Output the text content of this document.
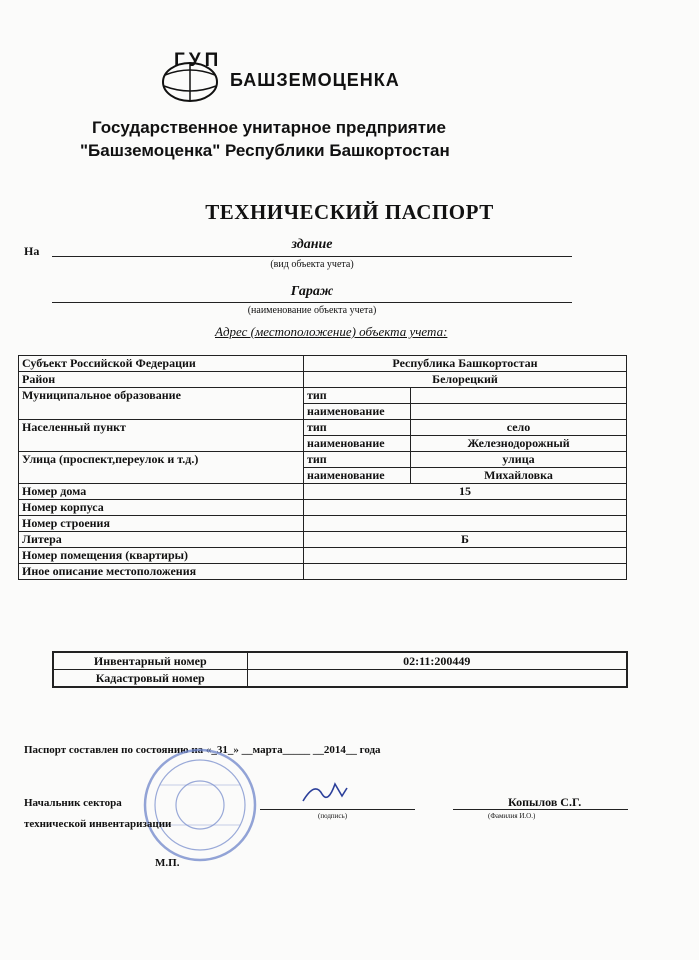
ГУП
БАШЗЕМОЦЕНКА
Государственное унитарное предприятие
"Башземоценка" Республики Башкортостан
ТЕХНИЧЕСКИЙ ПАСПОРТ
На	здание
(вид объекта учета)
Гараж
(наименование объекта учета)
Адрес (местоположение) объекта учета:
Субъект Российской Федерации	Республика Башкортостан	
Район	Белорецкий	
Муниципальное образование	тип	
	наименование	
Населенный пункт	тип	село
	наименование	Железнодорожный
Улица (проспект,переулок и т.д.)	тип	улица
	наименование	Михайловка
Номер дома	15	
Номер корпуса		
Номер строения		
Литера	Б	
Номер помещения (квартиры)		
Иное описание местоположения		
Инвентарный номер	02:11:200449
Кадастровый номер	
Паспорт составлен по состоянию на «_31_» __марта_____ __2014__ года
Начальник сектора
технической инвентаризации
(подпись)
Копылов С.Г.
(Фамилия И.О.)
М.П.
